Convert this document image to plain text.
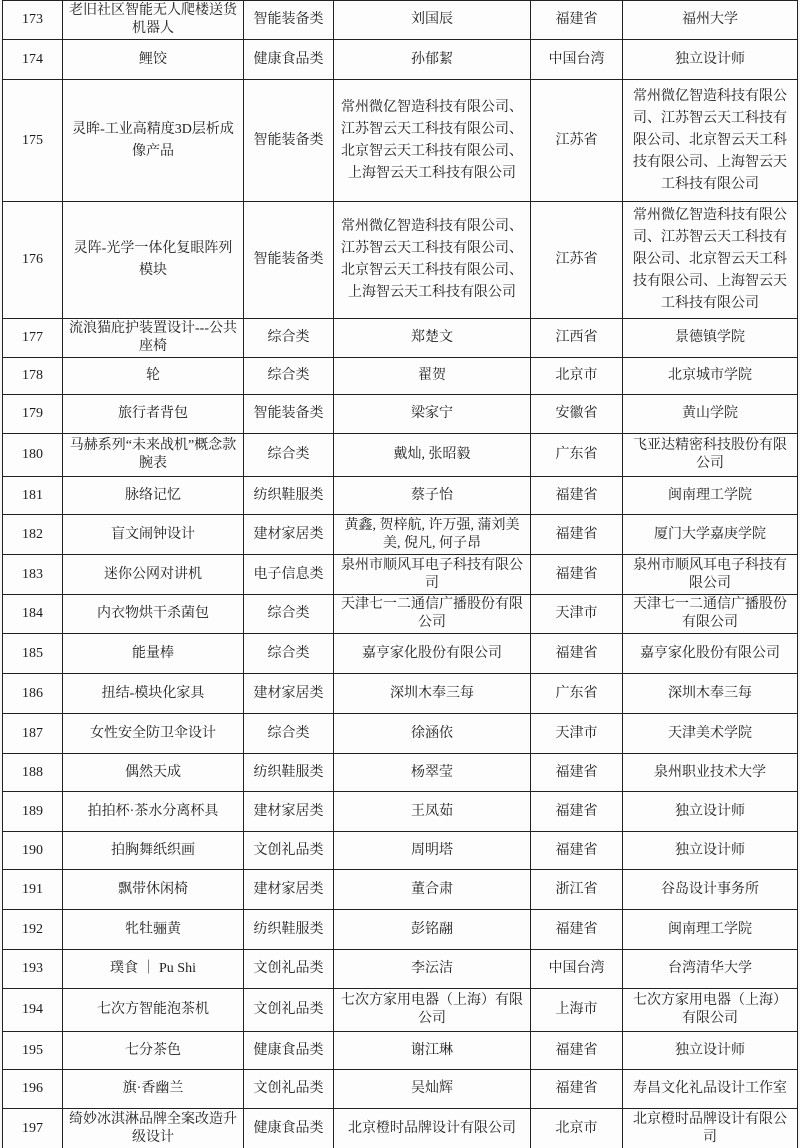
173	老旧社区智能无人爬楼送货机器人	智能装备类	刘国辰	福建省	福州大学
174	鲤饺	健康食品类	孙郁絜	中国台湾	独立设计师
175	灵眸-工业高精度3D层析成像产品	智能装备类	常州微亿智造科技有限公司、江苏智云天工科技有限公司、北京智云天工科技有限公司、上海智云天工科技有限公司	江苏省	常州微亿智造科技有限公司、江苏智云天工科技有限公司、北京智云天工科技有限公司、上海智云天工科技有限公司
176	灵阵-光学一体化复眼阵列模块	智能装备类	常州微亿智造科技有限公司、江苏智云天工科技有限公司、北京智云天工科技有限公司、上海智云天工科技有限公司	江苏省	常州微亿智造科技有限公司、江苏智云天工科技有限公司、北京智云天工科技有限公司、上海智云天工科技有限公司
177	流浪猫庇护装置设计---公共座椅	综合类	郑楚文	江西省	景德镇学院
178	轮	综合类	翟贺	北京市	北京城市学院
179	旅行者背包	智能装备类	梁家宁	安徽省	黄山学院
180	马赫系列“未来战机”概念款腕表	综合类	戴灿, 张昭毅	广东省	飞亚达精密科技股份有限公司
181	脉络记忆	纺织鞋服类	蔡子怡	福建省	闽南理工学院
182	盲文闹钟设计	建材家居类	黄鑫, 贺梓航, 许万强, 蒲刘美美, 倪凡, 何子昂	福建省	厦门大学嘉庚学院
183	迷你公网对讲机	电子信息类	泉州市顺风耳电子科技有限公司	福建省	泉州市顺风耳电子科技有限公司
184	内衣物烘干杀菌包	综合类	天津七一二通信广播股份有限公司	天津市	天津七一二通信广播股份有限公司
185	能量棒	综合类	嘉亨家化股份有限公司	福建省	嘉亨家化股份有限公司
186	扭结-模块化家具	建材家居类	深圳木奉三每	广东省	深圳木奉三每
187	女性安全防卫伞设计	综合类	徐涵依	天津市	天津美术学院
188	偶然天成	纺织鞋服类	杨翠莹	福建省	泉州职业技术大学
189	拍拍杯·茶水分离杯具	建材家居类	王凤茹	福建省	独立设计师
190	拍胸舞纸织画	文创礼品类	周明塔	福建省	独立设计师
191	飘带休闲椅	建材家居类	董合肃	浙江省	谷岛设计事务所
192	牝牡骊黄	纺织鞋服类	彭铭翮	福建省	闽南理工学院
193	璞食 ｜ Pu Shi	文创礼品类	李沄洁	中国台湾	台湾清华大学
194	七次方智能泡茶机	文创礼品类	七次方家用电器（上海）有限公司	上海市	七次方家用电器（上海）有限公司
195	七分茶色	健康食品类	谢江琳	福建省	独立设计师
196	旗·香幽兰	文创礼品类	吴灿辉	福建省	寿昌文化礼品设计工作室
197	绮妙冰淇淋品牌全案改造升级设计	健康食品类	北京橙时品牌设计有限公司	北京市	北京橙时品牌设计有限公司
